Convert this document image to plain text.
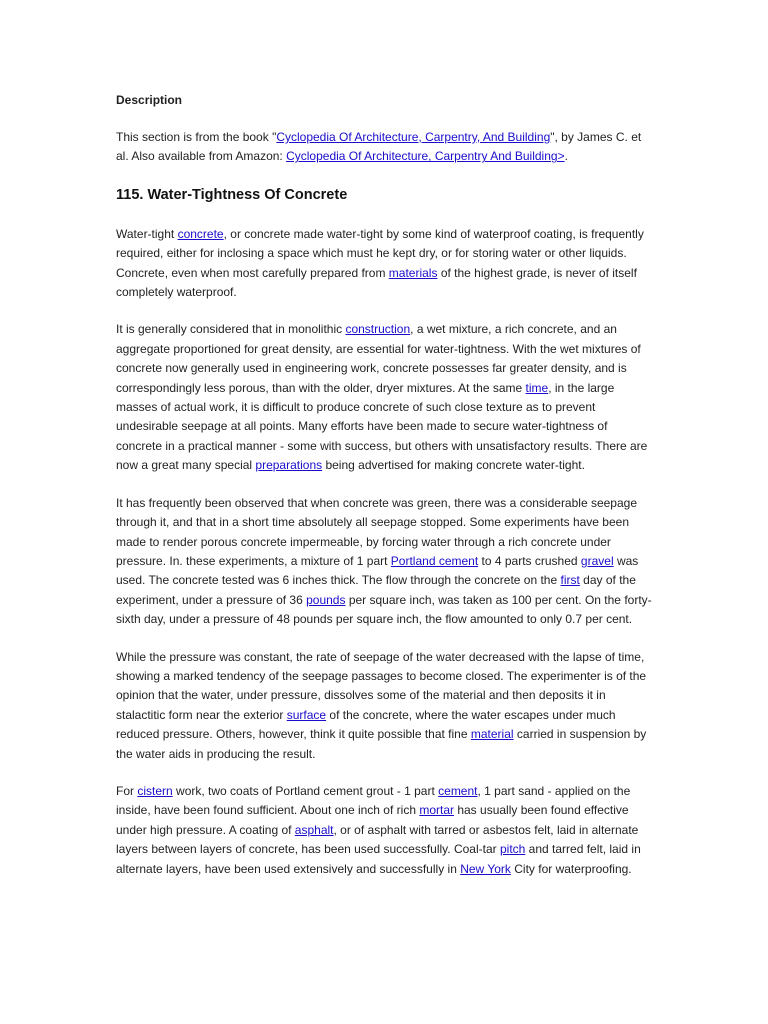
Description

This section is from the book "Cyclopedia Of Architecture, Carpentry, And Building", by James C. et al. Also available from Amazon: Cyclopedia Of Architecture, Carpentry And Building>.

115. Water-Tightness Of Concrete

Water-tight concrete, or concrete made water-tight by some kind of waterproof coating, is frequently required, either for inclosing a space which must he kept dry, or for storing water or other liquids. Concrete, even when most carefully prepared from materials of the highest grade, is never of itself completely waterproof.

It is generally considered that in monolithic construction, a wet mixture, a rich concrete, and an aggregate proportioned for great density, are essential for water-tightness. With the wet mixtures of concrete now generally used in engineering work, concrete possesses far greater density, and is correspondingly less porous, than with the older, dryer mixtures. At the same time, in the large masses of actual work, it is difficult to produce concrete of such close texture as to prevent undesirable seepage at all points. Many efforts have been made to secure water-tightness of concrete in a practical manner - some with success, but others with unsatisfactory results. There are now a great many special preparations being advertised for making concrete water-tight.

It has frequently been observed that when concrete was green, there was a considerable seepage through it, and that in a short time absolutely all seepage stopped. Some experiments have been made to render porous concrete impermeable, by forcing water through a rich concrete under pressure. In. these experiments, a mixture of 1 part Portland cement to 4 parts crushed gravel was used. The concrete tested was 6 inches thick. The flow through the concrete on the first day of the experiment, under a pressure of 36 pounds per square inch, was taken as 100 per cent. On the forty-sixth day, under a pressure of 48 pounds per square inch, the flow amounted to only 0.7 per cent.

While the pressure was constant, the rate of seepage of the water decreased with the lapse of time, showing a marked tendency of the seepage passages to become closed. The experimenter is of the opinion that the water, under pressure, dissolves some of the material and then deposits it in stalactitic form near the exterior surface of the concrete, where the water escapes under much reduced pressure. Others, however, think it quite possible that fine material carried in suspension by the water aids in producing the result.

For cistern work, two coats of Portland cement grout - 1 part cement, 1 part sand - applied on the inside, have been found sufficient. About one inch of rich mortar has usually been found effective under high pressure. A coating of asphalt, or of asphalt with tarred or asbestos felt, laid in alternate layers between layers of concrete, has been used successfully. Coal-tar pitch and tarred felt, laid in alternate layers, have been used extensively and successfully in New York City for waterproofing.
